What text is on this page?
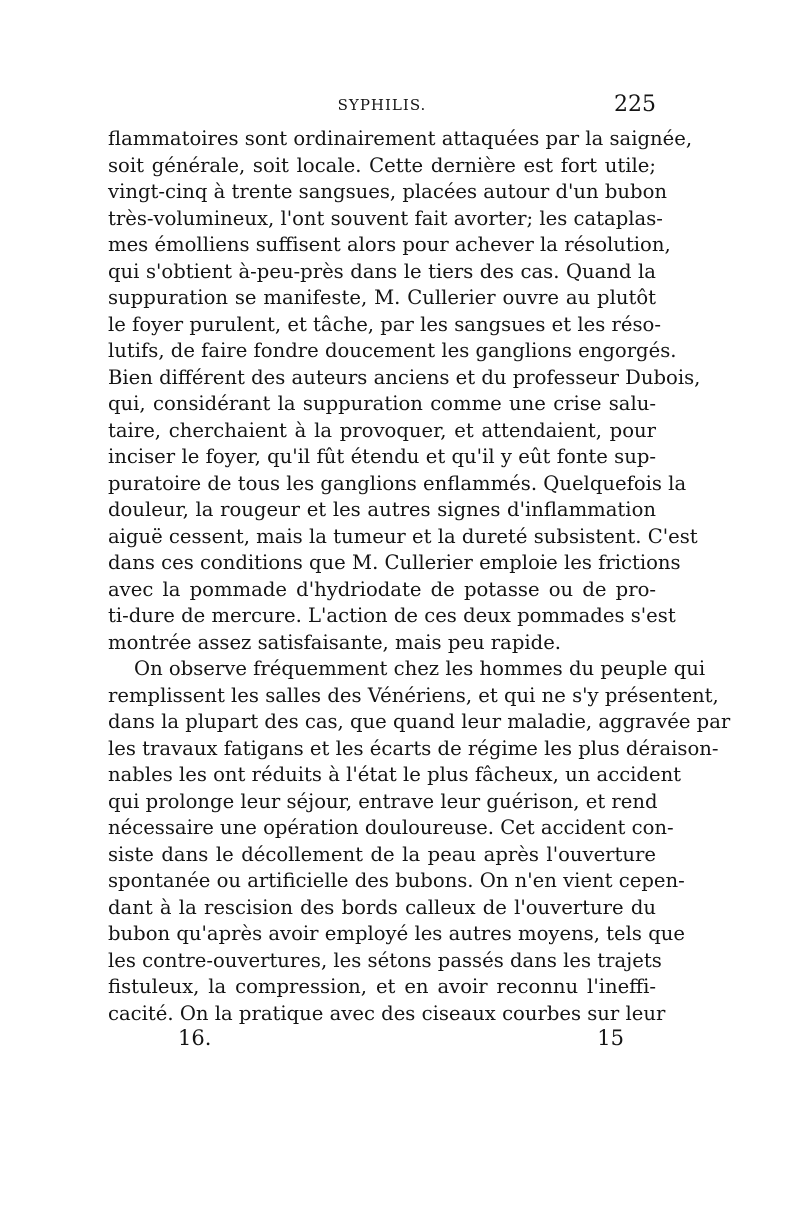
SYPHILIS.	225
flammatoires sont ordinairement attaquées par la saignée,
soit générale, soit locale. Cette dernière est fort utile;
vingt-cinq à trente sangsues, placées autour d'un bubon
très-volumineux, l'ont souvent fait avorter; les cataplas-
mes émolliens suffisent alors pour achever la résolution,
qui s'obtient à-peu-près dans le tiers des cas. Quand la
suppuration se manifeste, M. Cullerier ouvre au plutôt
le foyer purulent, et tâche, par les sangsues et les réso-
lutifs, de faire fondre doucement les ganglions engorgés.
Bien différent des auteurs anciens et du professeur Dubois,
qui, considérant la suppuration comme une crise salu-
taire, cherchaient à la provoquer, et attendaient, pour
inciser le foyer, qu'il fût étendu et qu'il y eût fonte sup-
puratoire de tous les ganglions enflammés. Quelquefois la
douleur, la rougeur et les autres signes d'inflammation
aiguë cessent, mais la tumeur et la dureté subsistent. C'est
dans ces conditions que M. Cullerier emploie les frictions
avec la pommade d'hydriodate de potasse ou de pro-
ti-dure de mercure. L'action de ces deux pommades s'est
montrée assez satisfaisante, mais peu rapide.
On observe fréquemment chez les hommes du peuple qui
remplissent les salles des Vénériens, et qui ne s'y présentent,
dans la plupart des cas, que quand leur maladie, aggravée par
les travaux fatigans et les écarts de régime les plus déraison-
nables les ont réduits à l'état le plus fâcheux, un accident
qui prolonge leur séjour, entrave leur guérison, et rend
nécessaire une opération douloureuse. Cet accident con-
siste dans le décollement de la peau après l'ouverture
spontanée ou artificielle des bubons. On n'en vient cepen-
dant à la rescision des bords calleux de l'ouverture du
bubon qu'après avoir employé les autres moyens, tels que
les contre-ouvertures, les sétons passés dans les trajets
fistuleux, la compression, et en avoir reconnu l'ineffi-
cacité. On la pratique avec des ciseaux courbes sur leur
16.	15
